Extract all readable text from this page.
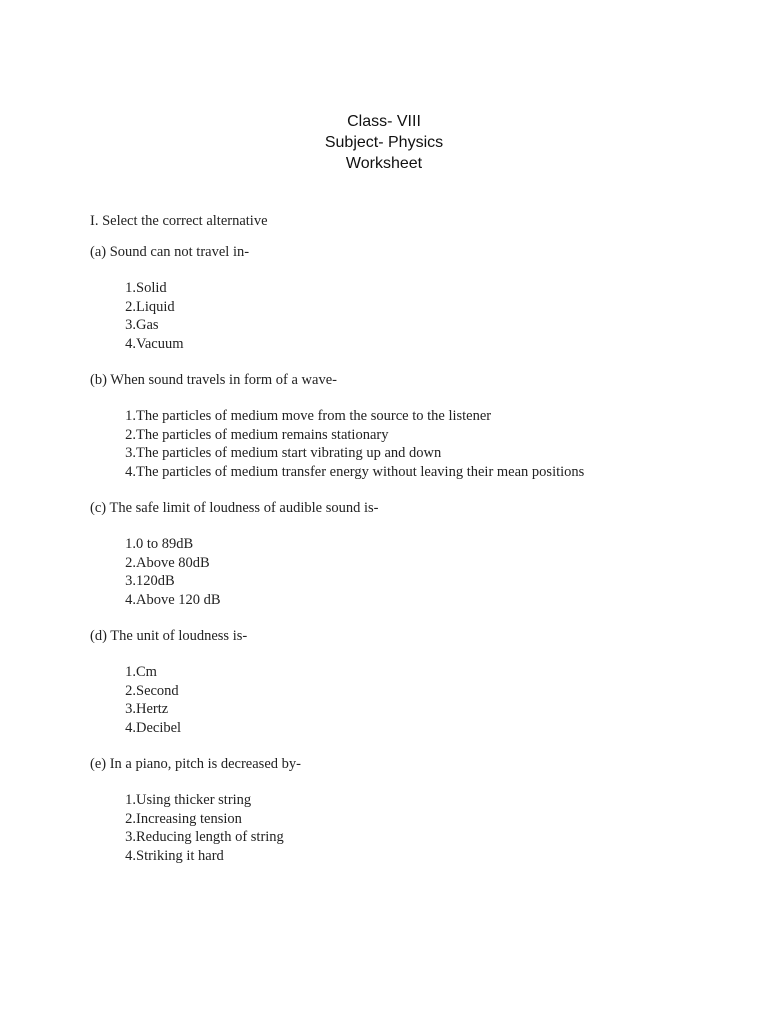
Class- VIII
Subject- Physics
Worksheet
I. Select the correct alternative
(a) Sound can not travel in-
1. Solid
2. Liquid
3. Gas
4. Vacuum
(b) When sound travels in form of a wave-
1. The particles of medium move from the source to the listener
2. The particles of medium remains stationary
3. The particles of medium start vibrating up and down
4. The particles of medium transfer energy without leaving their mean positions
(c) The safe limit of loudness of audible sound is-
1. 0 to 89dB
2. Above 80dB
3. 120dB
4. Above 120 dB
(d) The unit of loudness is-
1. Cm
2. Second
3. Hertz
4. Decibel
(e) In a piano, pitch is decreased by-
1. Using thicker string
2. Increasing tension
3. Reducing length of string
4. Striking it hard
